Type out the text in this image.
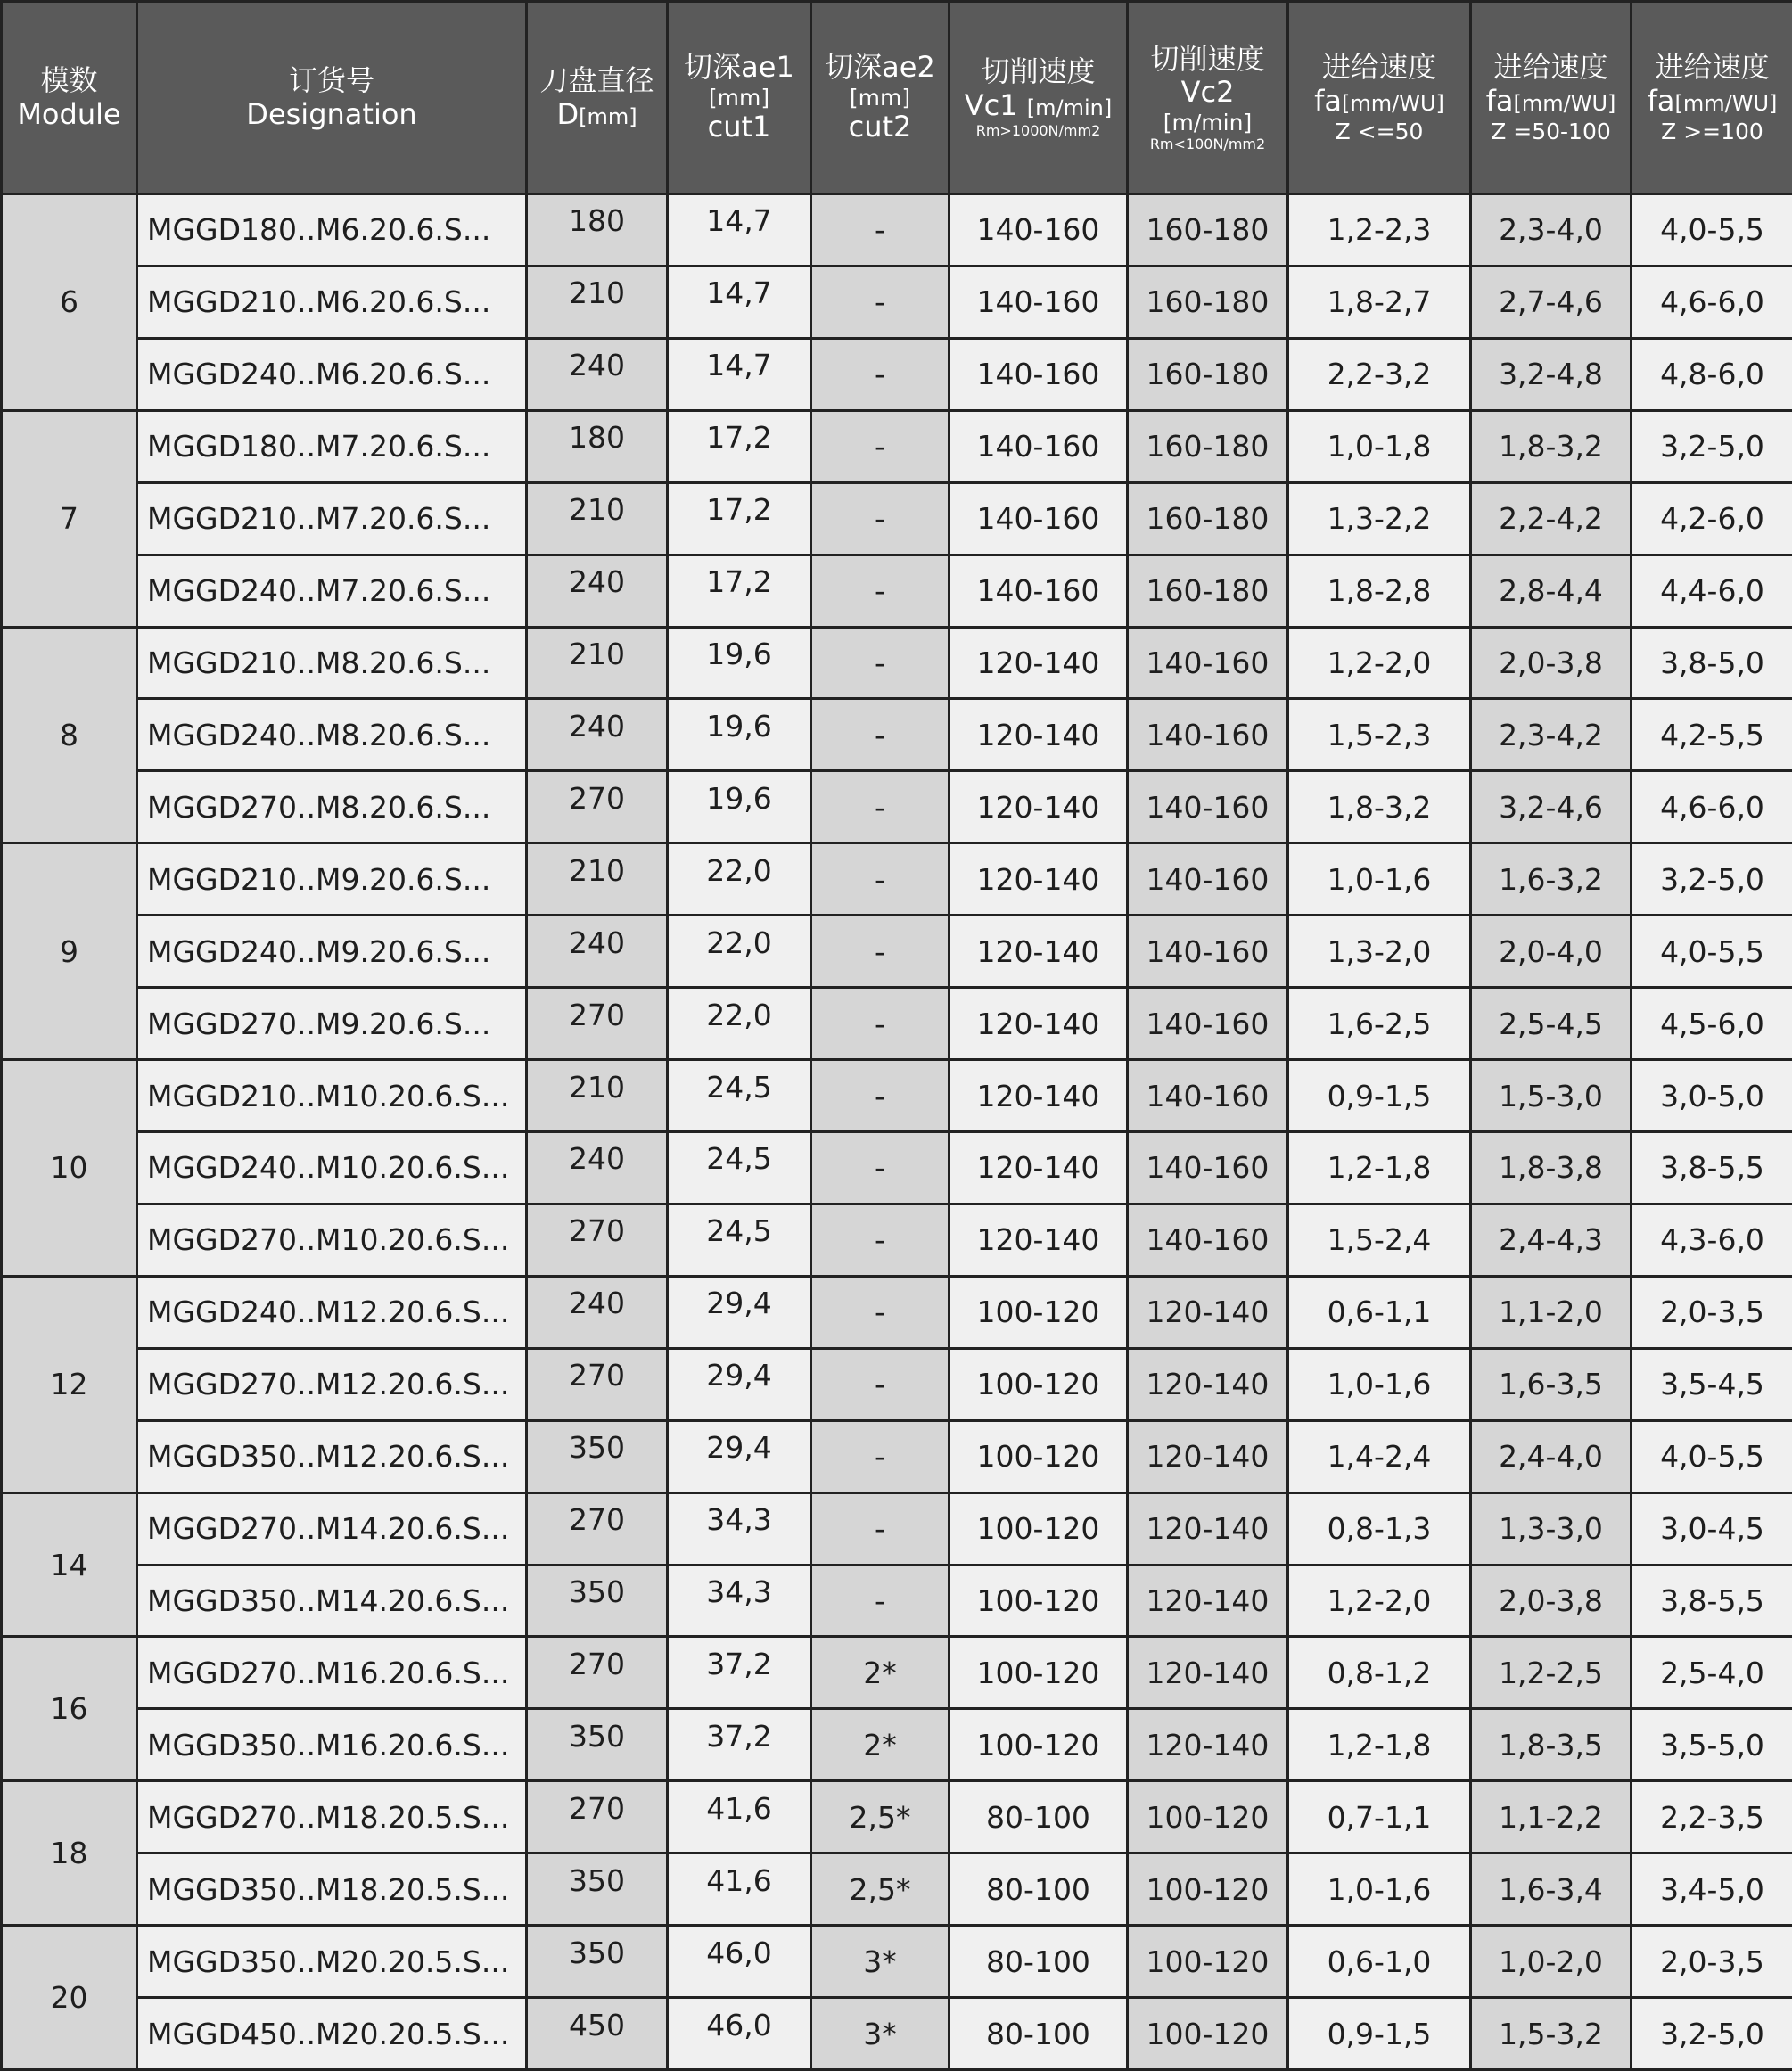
模数
Module	订货号
Designation	刀盘直径
D[mm]	切深ae1
[mm]
cut1	切深ae2
[mm]
cut2	切削速度
Vc1 [m/min]
Rm>1000N/mm2	切削速度
Vc2
[m/min]
Rm<100N/mm2	进给速度
fa[mm/WU]
Z <=50	进给速度
fa[mm/WU]
Z =50-100	进给速度
fa[mm/WU]
Z >=100

6	MGGD180..M6.20.6.S...	180	14,7	-	140-160	160-180	1,2-2,3	2,3-4,0	4,0-5,5
	MGGD210..M6.20.6.S...	210	14,7	-	140-160	160-180	1,8-2,7	2,7-4,6	4,6-6,0
	MGGD240..M6.20.6.S...	240	14,7	-	140-160	160-180	2,2-3,2	3,2-4,8	4,8-6,0
7	MGGD180..M7.20.6.S...	180	17,2	-	140-160	160-180	1,0-1,8	1,8-3,2	3,2-5,0
	MGGD210..M7.20.6.S...	210	17,2	-	140-160	160-180	1,3-2,2	2,2-4,2	4,2-6,0
	MGGD240..M7.20.6.S...	240	17,2	-	140-160	160-180	1,8-2,8	2,8-4,4	4,4-6,0
8	MGGD210..M8.20.6.S...	210	19,6	-	120-140	140-160	1,2-2,0	2,0-3,8	3,8-5,0
	MGGD240..M8.20.6.S...	240	19,6	-	120-140	140-160	1,5-2,3	2,3-4,2	4,2-5,5
	MGGD270..M8.20.6.S...	270	19,6	-	120-140	140-160	1,8-3,2	3,2-4,6	4,6-6,0
9	MGGD210..M9.20.6.S...	210	22,0	-	120-140	140-160	1,0-1,6	1,6-3,2	3,2-5,0
	MGGD240..M9.20.6.S...	240	22,0	-	120-140	140-160	1,3-2,0	2,0-4,0	4,0-5,5
	MGGD270..M9.20.6.S...	270	22,0	-	120-140	140-160	1,6-2,5	2,5-4,5	4,5-6,0
10	MGGD210..M10.20.6.S...	210	24,5	-	120-140	140-160	0,9-1,5	1,5-3,0	3,0-5,0
	MGGD240..M10.20.6.S...	240	24,5	-	120-140	140-160	1,2-1,8	1,8-3,8	3,8-5,5
	MGGD270..M10.20.6.S...	270	24,5	-	120-140	140-160	1,5-2,4	2,4-4,3	4,3-6,0
12	MGGD240..M12.20.6.S...	240	29,4	-	100-120	120-140	0,6-1,1	1,1-2,0	2,0-3,5
	MGGD270..M12.20.6.S...	270	29,4	-	100-120	120-140	1,0-1,6	1,6-3,5	3,5-4,5
	MGGD350..M12.20.6.S...	350	29,4	-	100-120	120-140	1,4-2,4	2,4-4,0	4,0-5,5
14	MGGD270..M14.20.6.S...	270	34,3	-	100-120	120-140	0,8-1,3	1,3-3,0	3,0-4,5
	MGGD350..M14.20.6.S...	350	34,3	-	100-120	120-140	1,2-2,0	2,0-3,8	3,8-5,5
16	MGGD270..M16.20.6.S...	270	37,2	2*	100-120	120-140	0,8-1,2	1,2-2,5	2,5-4,0
	MGGD350..M16.20.6.S...	350	37,2	2*	100-120	120-140	1,2-1,8	1,8-3,5	3,5-5,0
18	MGGD270..M18.20.5.S...	270	41,6	2,5*	80-100	100-120	0,7-1,1	1,1-2,2	2,2-3,5
	MGGD350..M18.20.5.S...	350	41,6	2,5*	80-100	100-120	1,0-1,6	1,6-3,4	3,4-5,0
20	MGGD350..M20.20.5.S...	350	46,0	3*	80-100	100-120	0,6-1,0	1,0-2,0	2,0-3,5
	MGGD450..M20.20.5.S...	450	46,0	3*	80-100	100-120	0,9-1,5	1,5-3,2	3,2-5,0
